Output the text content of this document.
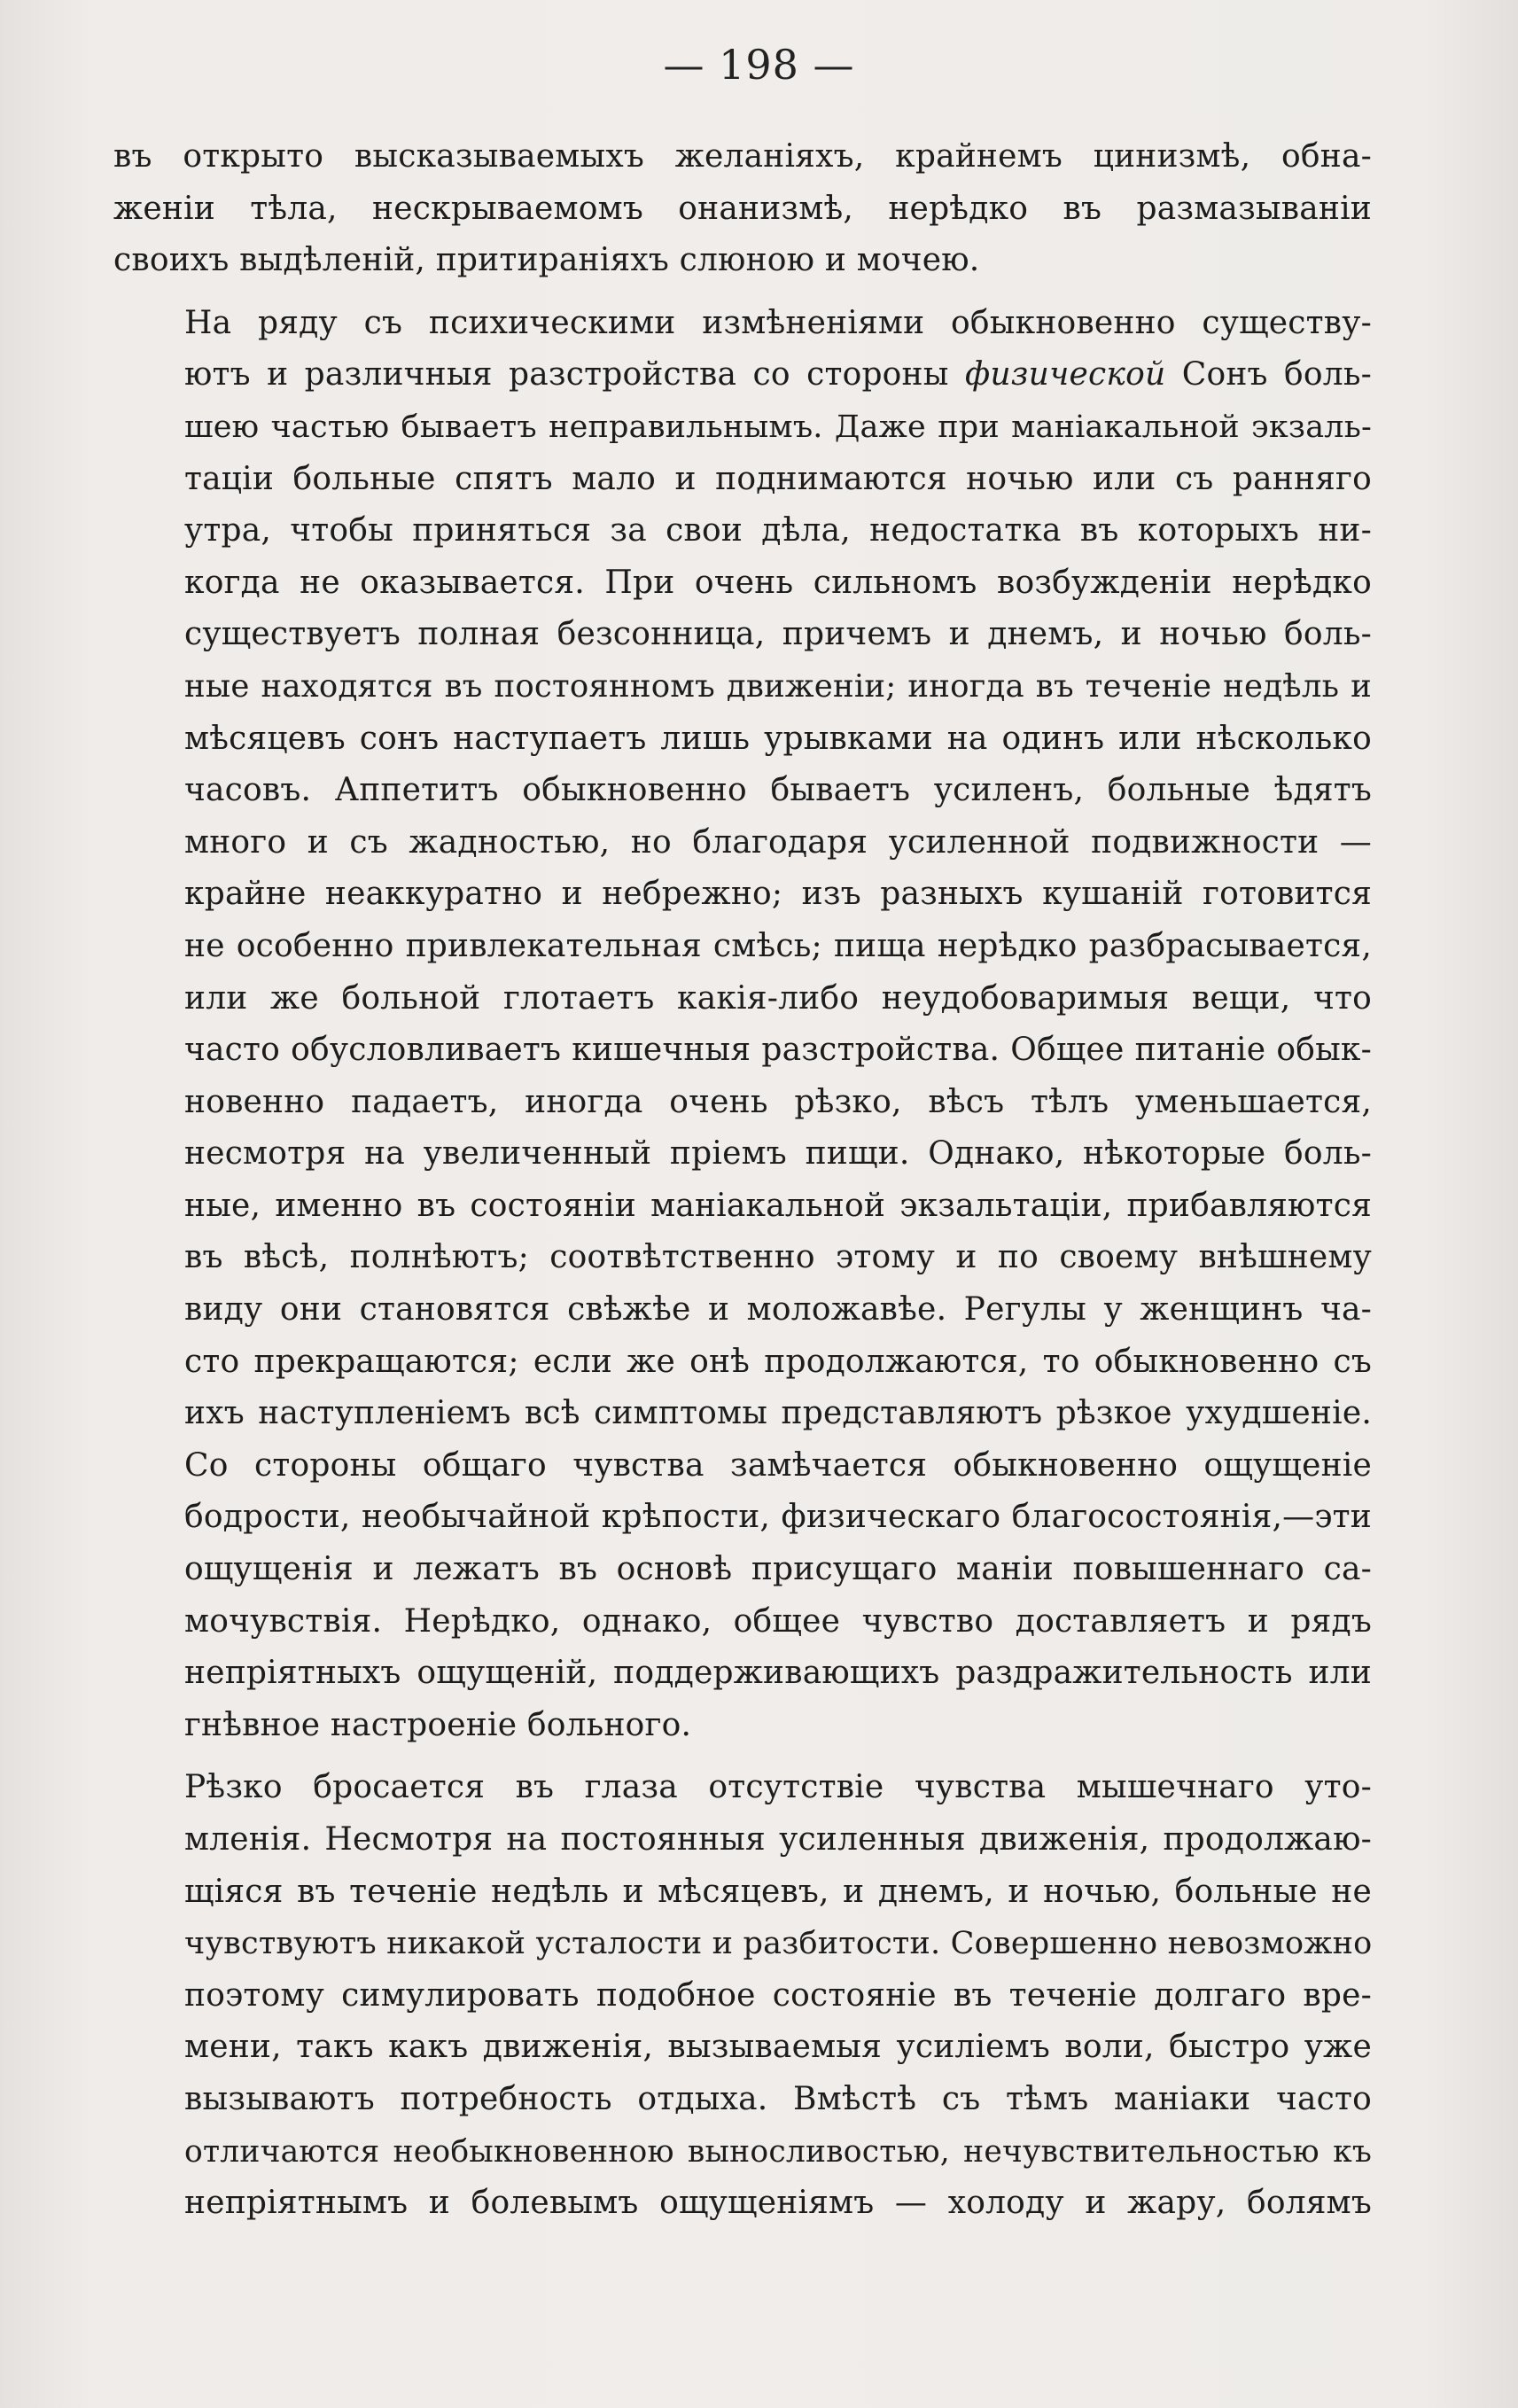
— 198 —
въ открыто высказываемыхъ желаніяхъ, крайнемъ цинизмѣ, обна-
женіи тѣла, нескрываемомъ онанизмѣ, нерѣдко въ размазываніи
своихъ выдѣленій, притираніяхъ слюною и мочею.
На ряду съ психическими измѣненіями обыкновенно существу-
ютъ и различныя разстройства со стороны физической Сонъ боль-
шею частью бываетъ неправильнымъ. Даже при маніакальной экзаль-
таціи больные спятъ мало и поднимаются ночью или съ ранняго
утра, чтобы приняться за свои дѣла, недостатка въ которыхъ ни-
когда не оказывается. При очень сильномъ возбужденіи нерѣдко
существуетъ полная безсонница, причемъ и днемъ, и ночью боль-
ные находятся въ постоянномъ движеніи; иногда въ теченіе недѣль и
мѣсяцевъ сонъ наступаетъ лишь урывками на одинъ или нѣсколько
часовъ. Аппетитъ обыкновенно бываетъ усиленъ, больные ѣдятъ
много и съ жадностью, но благодаря усиленной подвижности —
крайне неаккуратно и небрежно; изъ разныхъ кушаній готовится
не особенно привлекательная смѣсь; пища нерѣдко разбрасывается,
или же больной глотаетъ какія-либо неудобоваримыя вещи, что
часто обусловливаетъ кишечныя разстройства. Общее питаніе обык-
новенно падаетъ, иногда очень рѣзко, вѣсъ тѣлъ уменьшается,
несмотря на увеличенный пріемъ пищи. Однако, нѣкоторые боль-
ные, именно въ состояніи маніакальной экзальтаціи, прибавляются
въ вѣсѣ, полнѣютъ; соотвѣтственно этому и по своему внѣшнему
виду они становятся свѣжѣе и моложавѣе. Регулы у женщинъ ча-
сто прекращаются; если же онѣ продолжаются, то обыкновенно съ
ихъ наступленіемъ всѣ симптомы представляютъ рѣзкое ухудшеніе.
Со стороны общаго чувства замѣчается обыкновенно ощущеніе
бодрости, необычайной крѣпости, физическаго благосостоянія,—эти
ощущенія и лежатъ въ основѣ присущаго маніи повышеннаго са-
мочувствія. Нерѣдко, однако, общее чувство доставляетъ и рядъ
непріятныхъ ощущеній, поддерживающихъ раздражительность или
гнѣвное настроеніе больного.
Рѣзко бросается въ глаза отсутствіе чувства мышечнаго уто-
мленія. Несмотря на постоянныя усиленныя движенія, продолжаю-
щіяся въ теченіе недѣль и мѣсяцевъ, и днемъ, и ночью, больные не
чувствуютъ никакой усталости и разбитости. Совершенно невозможно
поэтому симулировать подобное состояніе въ теченіе долгаго вре-
мени, такъ какъ движенія, вызываемыя усиліемъ воли, быстро уже
вызываютъ потребность отдыха. Вмѣстѣ съ тѣмъ маніаки часто
отличаются необыкновенною выносливостью, нечувствительностью къ
непріятнымъ и болевымъ ощущеніямъ — холоду и жару, болямъ
